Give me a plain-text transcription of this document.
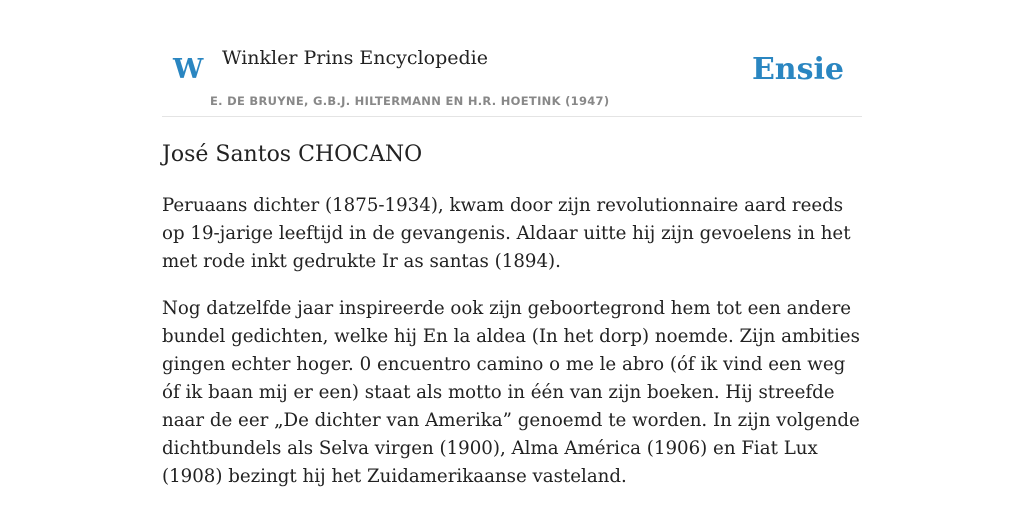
W Winkler Prins Encyclopedie
E. DE BRUYNE, G.B.J. HILTERMANN EN H.R. HOETINK (1947)
Ensie
José Santos CHOCANO

Peruaans dichter (1875-1934), kwam door zijn revolutionnaire aard reeds op 19-jarige leeftijd in de gevangenis. Aldaar uitte hij zijn gevoelens in het met rode inkt gedrukte Ir as santas (1894).

Nog datzelfde jaar inspireerde ook zijn geboortegrond hem tot een andere bundel gedichten, welke hij En la aldea (In het dorp) noemde. Zijn ambities gingen echter hoger. 0 encuentro camino o me le abro (óf ik vind een weg óf ik baan mij er een) staat als motto in één van zijn boeken. Hij streefde naar de eer „De dichter van Amerika” genoemd te worden. In zijn volgende dichtbundels als Selva virgen (1900), Alma América (1906) en Fiat Lux (1908) bezingt hij het Zuidamerikaanse vasteland.
